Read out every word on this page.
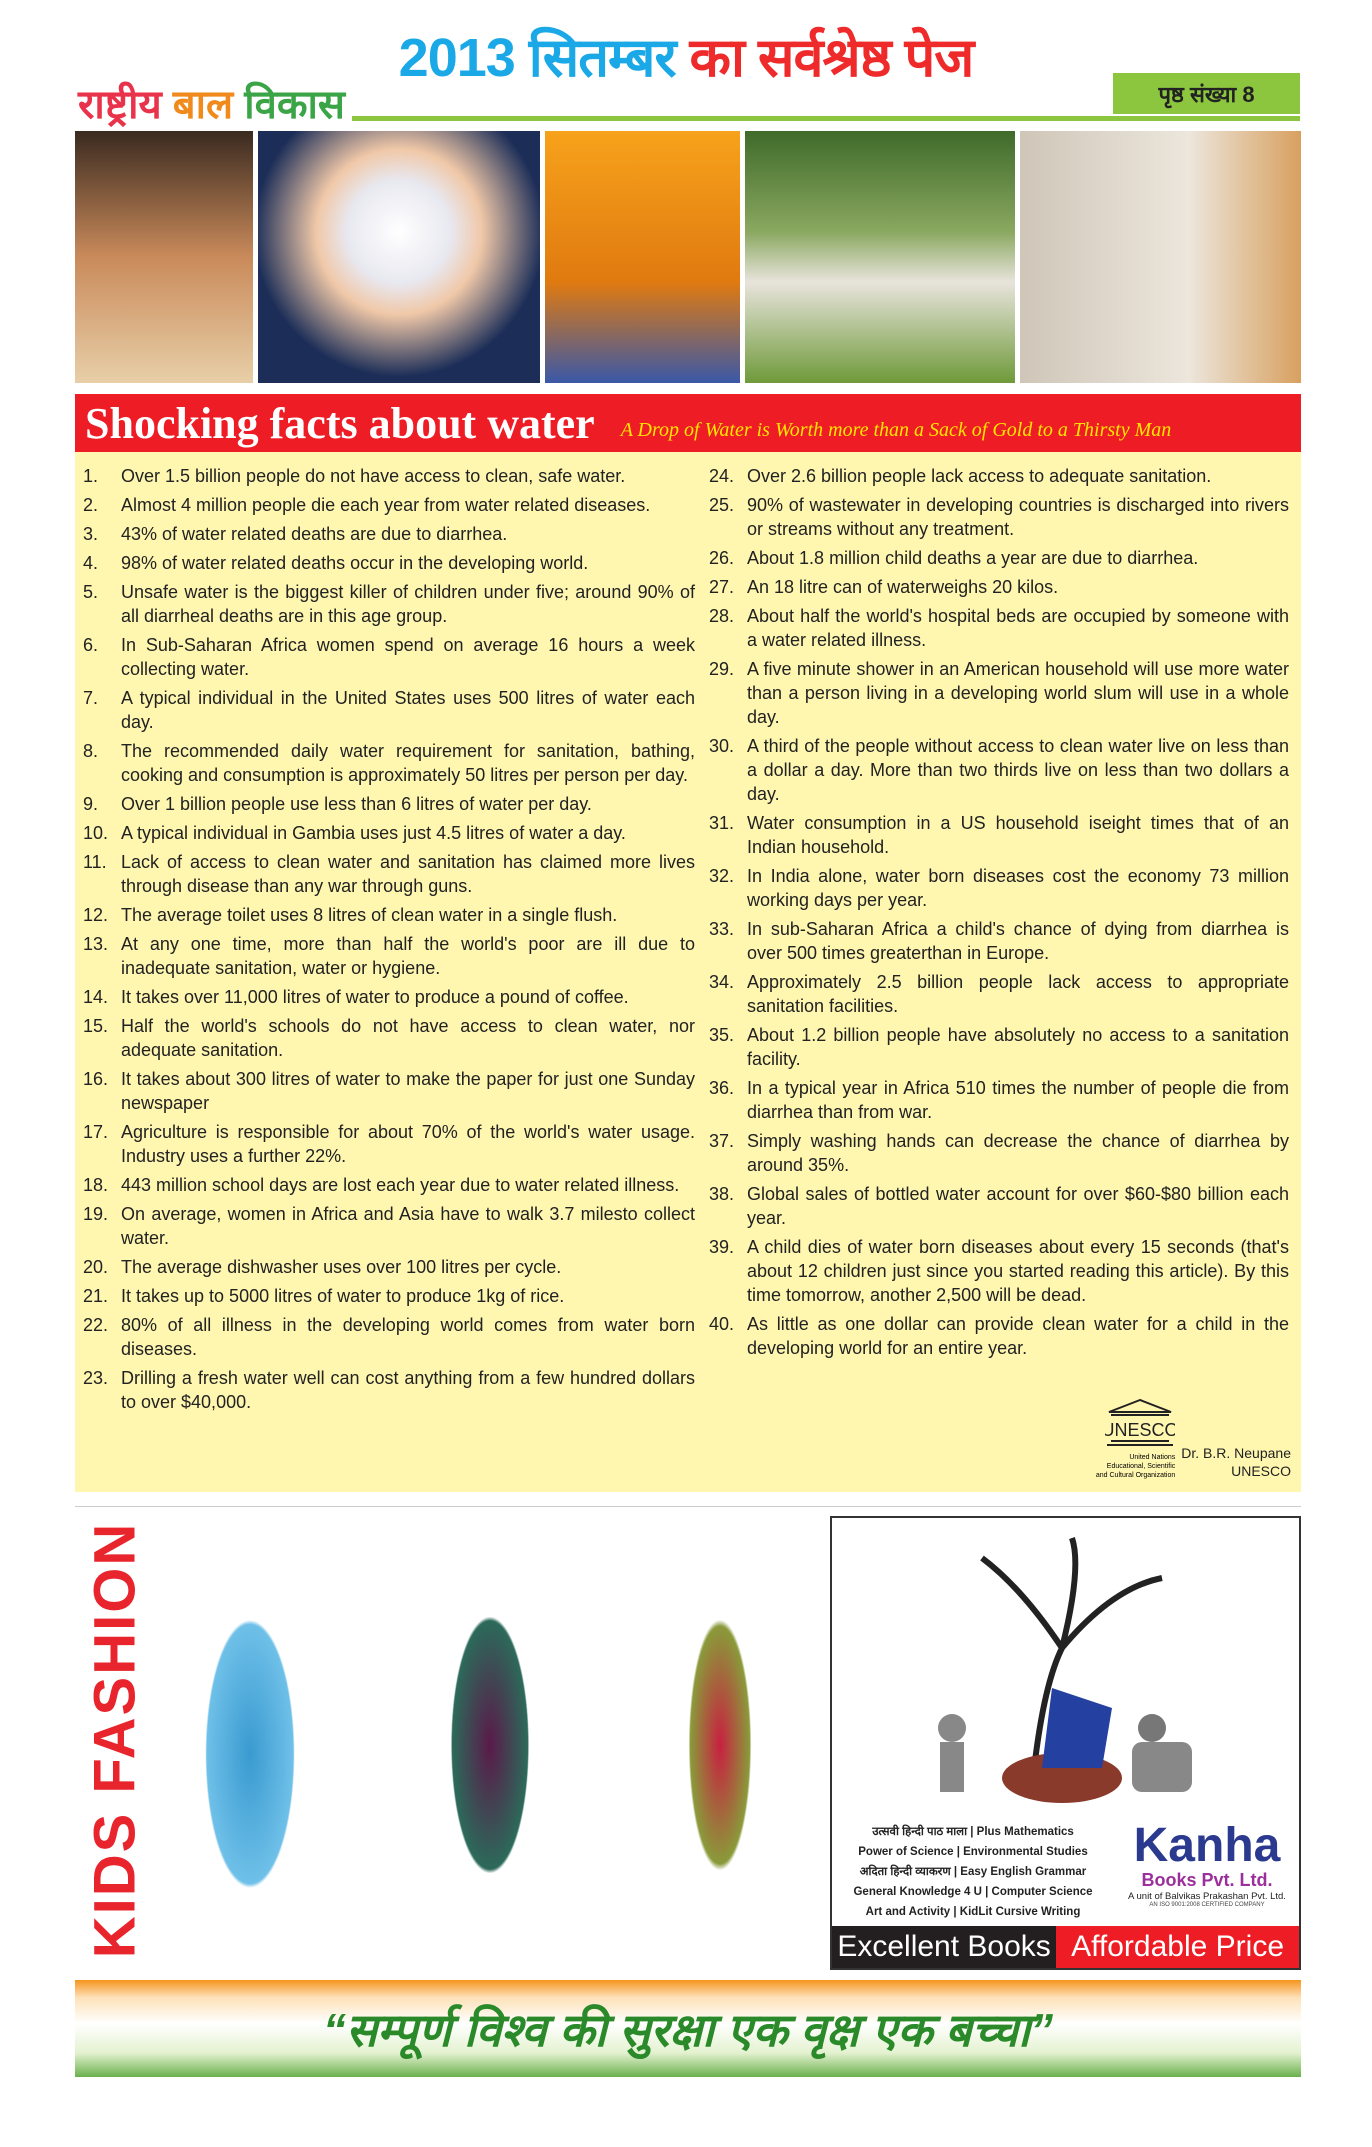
2013 सितम्बर का सर्वश्रेष्ठ पेज
राष्ट्रीय बाल विकास	पृष्ठ संख्या 8
Shocking facts about water A Drop of Water is Worth more than a Sack of Gold to a Thirsty Man
1.	Over 1.5 billion people do not have access to clean, safe water.
2.	Almost 4 million people die each year from water related diseases.
3.	43% of water related deaths are due to diarrhea.
4.	98% of water related deaths occur in the developing world.
5.	Unsafe water is the biggest killer of children under five; around 90% of all diarrheal deaths are in this age group.
6.	In Sub-Saharan Africa women spend on average 16 hours a week collecting water.
7.	A typical individual in the United States uses 500 litres of water each day.
8.	The recommended daily water requirement for sanitation, bathing, cooking and consumption is approximately 50 litres per person per day.
9.	Over 1 billion people use less than 6 litres of water per day.
10. A typical individual in Gambia uses just 4.5 litres of water a day.
11. Lack of access to clean water and sanitation has claimed more lives through disease than any war through guns.
12. The average toilet uses 8 litres of clean water in a single flush.
13. At any one time, more than half the world's poor are ill due to inadequate sanitation, water or hygiene.
14. It takes over 11,000 litres of water to produce a pound of coffee.
15. Half the world's schools do not have access to clean water, nor adequate sanitation.
16. It takes about 300 litres of water to make the paper for just one Sunday newspaper
17. Agriculture is responsible for about 70% of the world's water usage. Industry uses a further 22%.
18. 443 million school days are lost each year due to water related illness.
19. On average, women in Africa and Asia have to walk 3.7 milesto collect water.
20. The average dishwasher uses over 100 litres per cycle.
21. It takes up to 5000 litres of water to produce 1kg of rice.
22. 80% of all illness in the developing world comes from water born diseases.
23. Drilling a fresh water well can cost anything from a few hundred dollars to over $40,000.
24. Over 2.6 billion people lack access to adequate sanitation.
25. 90% of wastewater in developing countries is discharged into rivers or streams without any treatment.
26. About 1.8 million child deaths a year are due to diarrhea.
27. An 18 litre can of waterweighs 20 kilos.
28. About half the world's hospital beds are occupied by someone with a water related illness.
29. A five minute shower in an American household will use more water than a person living in a developing world slum will use in a whole day.
30. A third of the people without access to clean water live on less than a dollar a day. More than two thirds live on less than two dollars a day.
31. Water consumption in a US household iseight times that of an Indian household.
32. In India alone, water born diseases cost the economy 73 million working days per year.
33. In sub-Saharan Africa a child's chance of dying from diarrhea is over 500 times greaterthan in Europe.
34. Approximately 2.5 billion people lack access to appropriate sanitation facilities.
35. About 1.2 billion people have absolutely no access to a sanitation facility.
36. In a typical year in Africa 510 times the number of people die from diarrhea than from war.
37. Simply washing hands can decrease the chance of diarrhea by around 35%.
38. Global sales of bottled water account for over $60-$80 billion each year.
39. A child dies of water born diseases about every 15 seconds (that's about 12 children just since you started reading this article). By this time tomorrow, another 2,500 will be dead.
40. As little as one dollar can provide clean water for a child in the developing world for an entire year.
UNESCO
United Nations Educational, Scientific and Cultural Organization
Dr. B.R. Neupane
UNESCO
KIDS FASHION	उत्सवी हिन्दी पाठ माला | Plus Mathematics
Power of Science | Environmental Studies
अदिता हिन्दी व्याकरण | Easy English Grammar
General Knowledge 4 U | Computer Science
Art and Activity | KidLit Cursive Writing
Kanha
Books Pvt. Ltd.
A unit of Balvikas Prakashan Pvt. Ltd.
AN ISO 9001:2008 CERTIFIED COMPANY
Excellent Books Affordable Price
“सम्पूर्ण विश्व की सुरक्षा एक वृक्ष एक बच्चा”
